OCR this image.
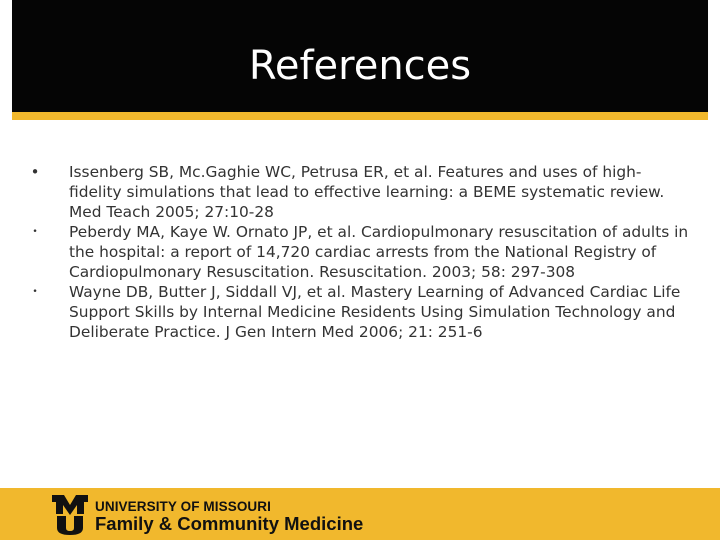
References
• Issenberg SB, Mc.Gaghie WC, Petrusa ER, et al. Features and uses of high-fidelity simulations that lead to effective learning: a BEME systematic review. Med Teach 2005; 27:10-28
• Peberdy MA, Kaye W. Ornato JP, et al. Cardiopulmonary resuscitation of adults in the hospital: a report of 14,720 cardiac arrests from the National Registry of Cardiopulmonary Resuscitation. Resuscitation. 2003; 58: 297-308
• Wayne DB, Butter J, Siddall VJ, et al. Mastery Learning of Advanced Cardiac Life Support Skills by Internal Medicine Residents Using Simulation Technology and Deliberate Practice. J Gen Intern Med 2006; 21: 251-6
UNIVERSITY OF MISSOURI
Family & Community Medicine
